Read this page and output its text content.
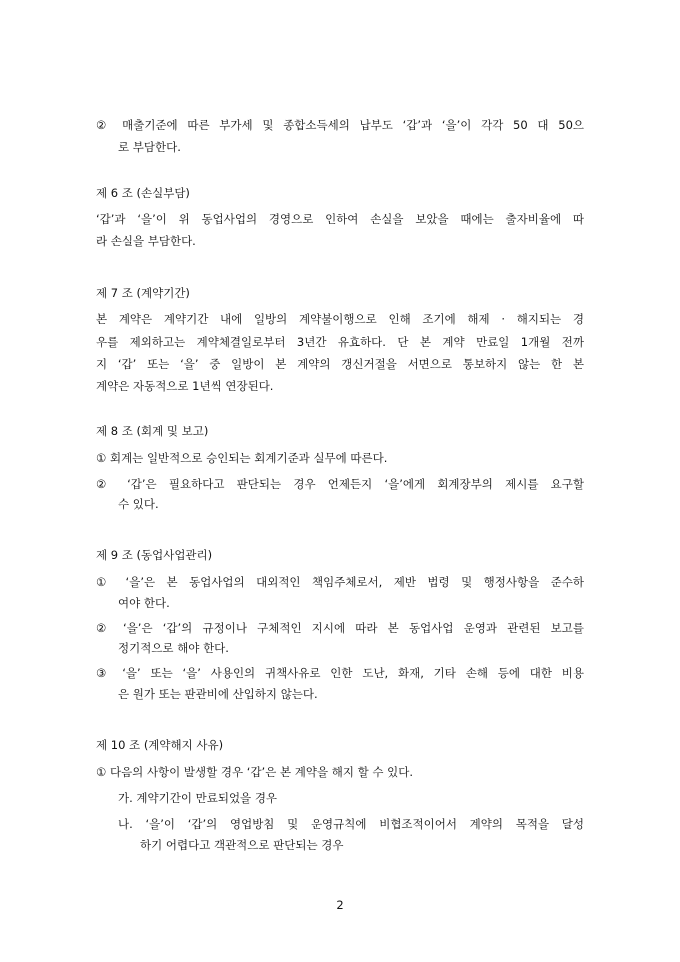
② 매출기준에 따른 부가세 및 종합소득세의 납부도 ‘갑’과 ‘을’이 각각 50 대 50으
로 부담한다.
제 6 조 (손실부담)
‘갑’과 ‘을’이 위 동업사업의 경영으로 인하여 손실을 보았을 때에는 출자비율에 따
라 손실을 부담한다.
제 7 조 (계약기간)
본 계약은 계약기간 내에 일방의 계약불이행으로 인해 조기에 해제 · 해지되는 경
우를 제외하고는 계약체결일로부터 3년간 유효하다. 단 본 계약 만료일 1개월 전까
지 ‘갑’ 또는 ‘을’ 중 일방이 본 계약의 갱신거절을 서면으로 통보하지 않는 한 본
계약은 자동적으로 1년씩 연장된다.
제 8 조 (회계 및 보고)
① 회계는 일반적으로 승인되는 회계기준과 실무에 따른다.
② ‘갑’은 필요하다고 판단되는 경우 언제든지 ‘을’에게 회계장부의 제시를 요구할
수 있다.
제 9 조 (동업사업관리)
① ‘을’은 본 동업사업의 대외적인 책임주체로서, 제반 법령 및 행정사항을 준수하
여야 한다.
② ‘을’은 ‘갑’의 규정이나 구체적인 지시에 따라 본 동업사업 운영과 관련된 보고를
정기적으로 해야 한다.
③ ‘을’ 또는 ‘을’ 사용인의 귀책사유로 인한 도난, 화재, 기타 손해 등에 대한 비용
은 원가 또는 판관비에 산입하지 않는다.
제 10 조 (계약해지 사유)
① 다음의 사항이 발생할 경우 ‘갑’은 본 계약을 해지 할 수 있다.
가. 계약기간이 만료되었을 경우
나. ‘을’이 ‘갑’의 영업방침 및 운영규칙에 비협조적이어서 계약의 목적을 달성
하기 어렵다고 객관적으로 판단되는 경우
2
